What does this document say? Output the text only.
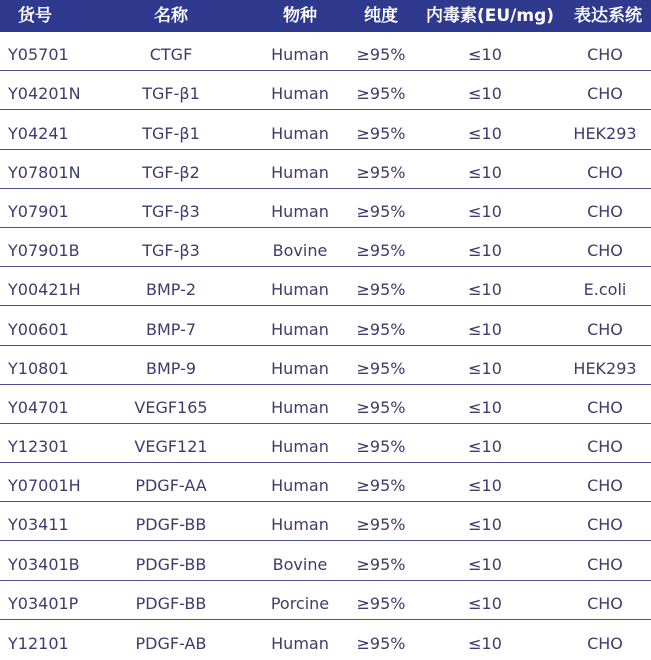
货号	名称	物种	纯度	内毒素(EU/mg)	表达系统
Y05701	CTGF	Human	≥95%	≤10	CHO
Y04201N	TGF-β1	Human	≥95%	≤10	CHO
Y04241	TGF-β1	Human	≥95%	≤10	HEK293
Y07801N	TGF-β2	Human	≥95%	≤10	CHO
Y07901	TGF-β3	Human	≥95%	≤10	CHO
Y07901B	TGF-β3	Bovine	≥95%	≤10	CHO
Y00421H	BMP-2	Human	≥95%	≤10	E.coli
Y00601	BMP-7	Human	≥95%	≤10	CHO
Y10801	BMP-9	Human	≥95%	≤10	HEK293
Y04701	VEGF165	Human	≥95%	≤10	CHO
Y12301	VEGF121	Human	≥95%	≤10	CHO
Y07001H	PDGF-AA	Human	≥95%	≤10	CHO
Y03411	PDGF-BB	Human	≥95%	≤10	CHO
Y03401B	PDGF-BB	Bovine	≥95%	≤10	CHO
Y03401P	PDGF-BB	Porcine	≥95%	≤10	CHO
Y12101	PDGF-AB	Human	≥95%	≤10	CHO
